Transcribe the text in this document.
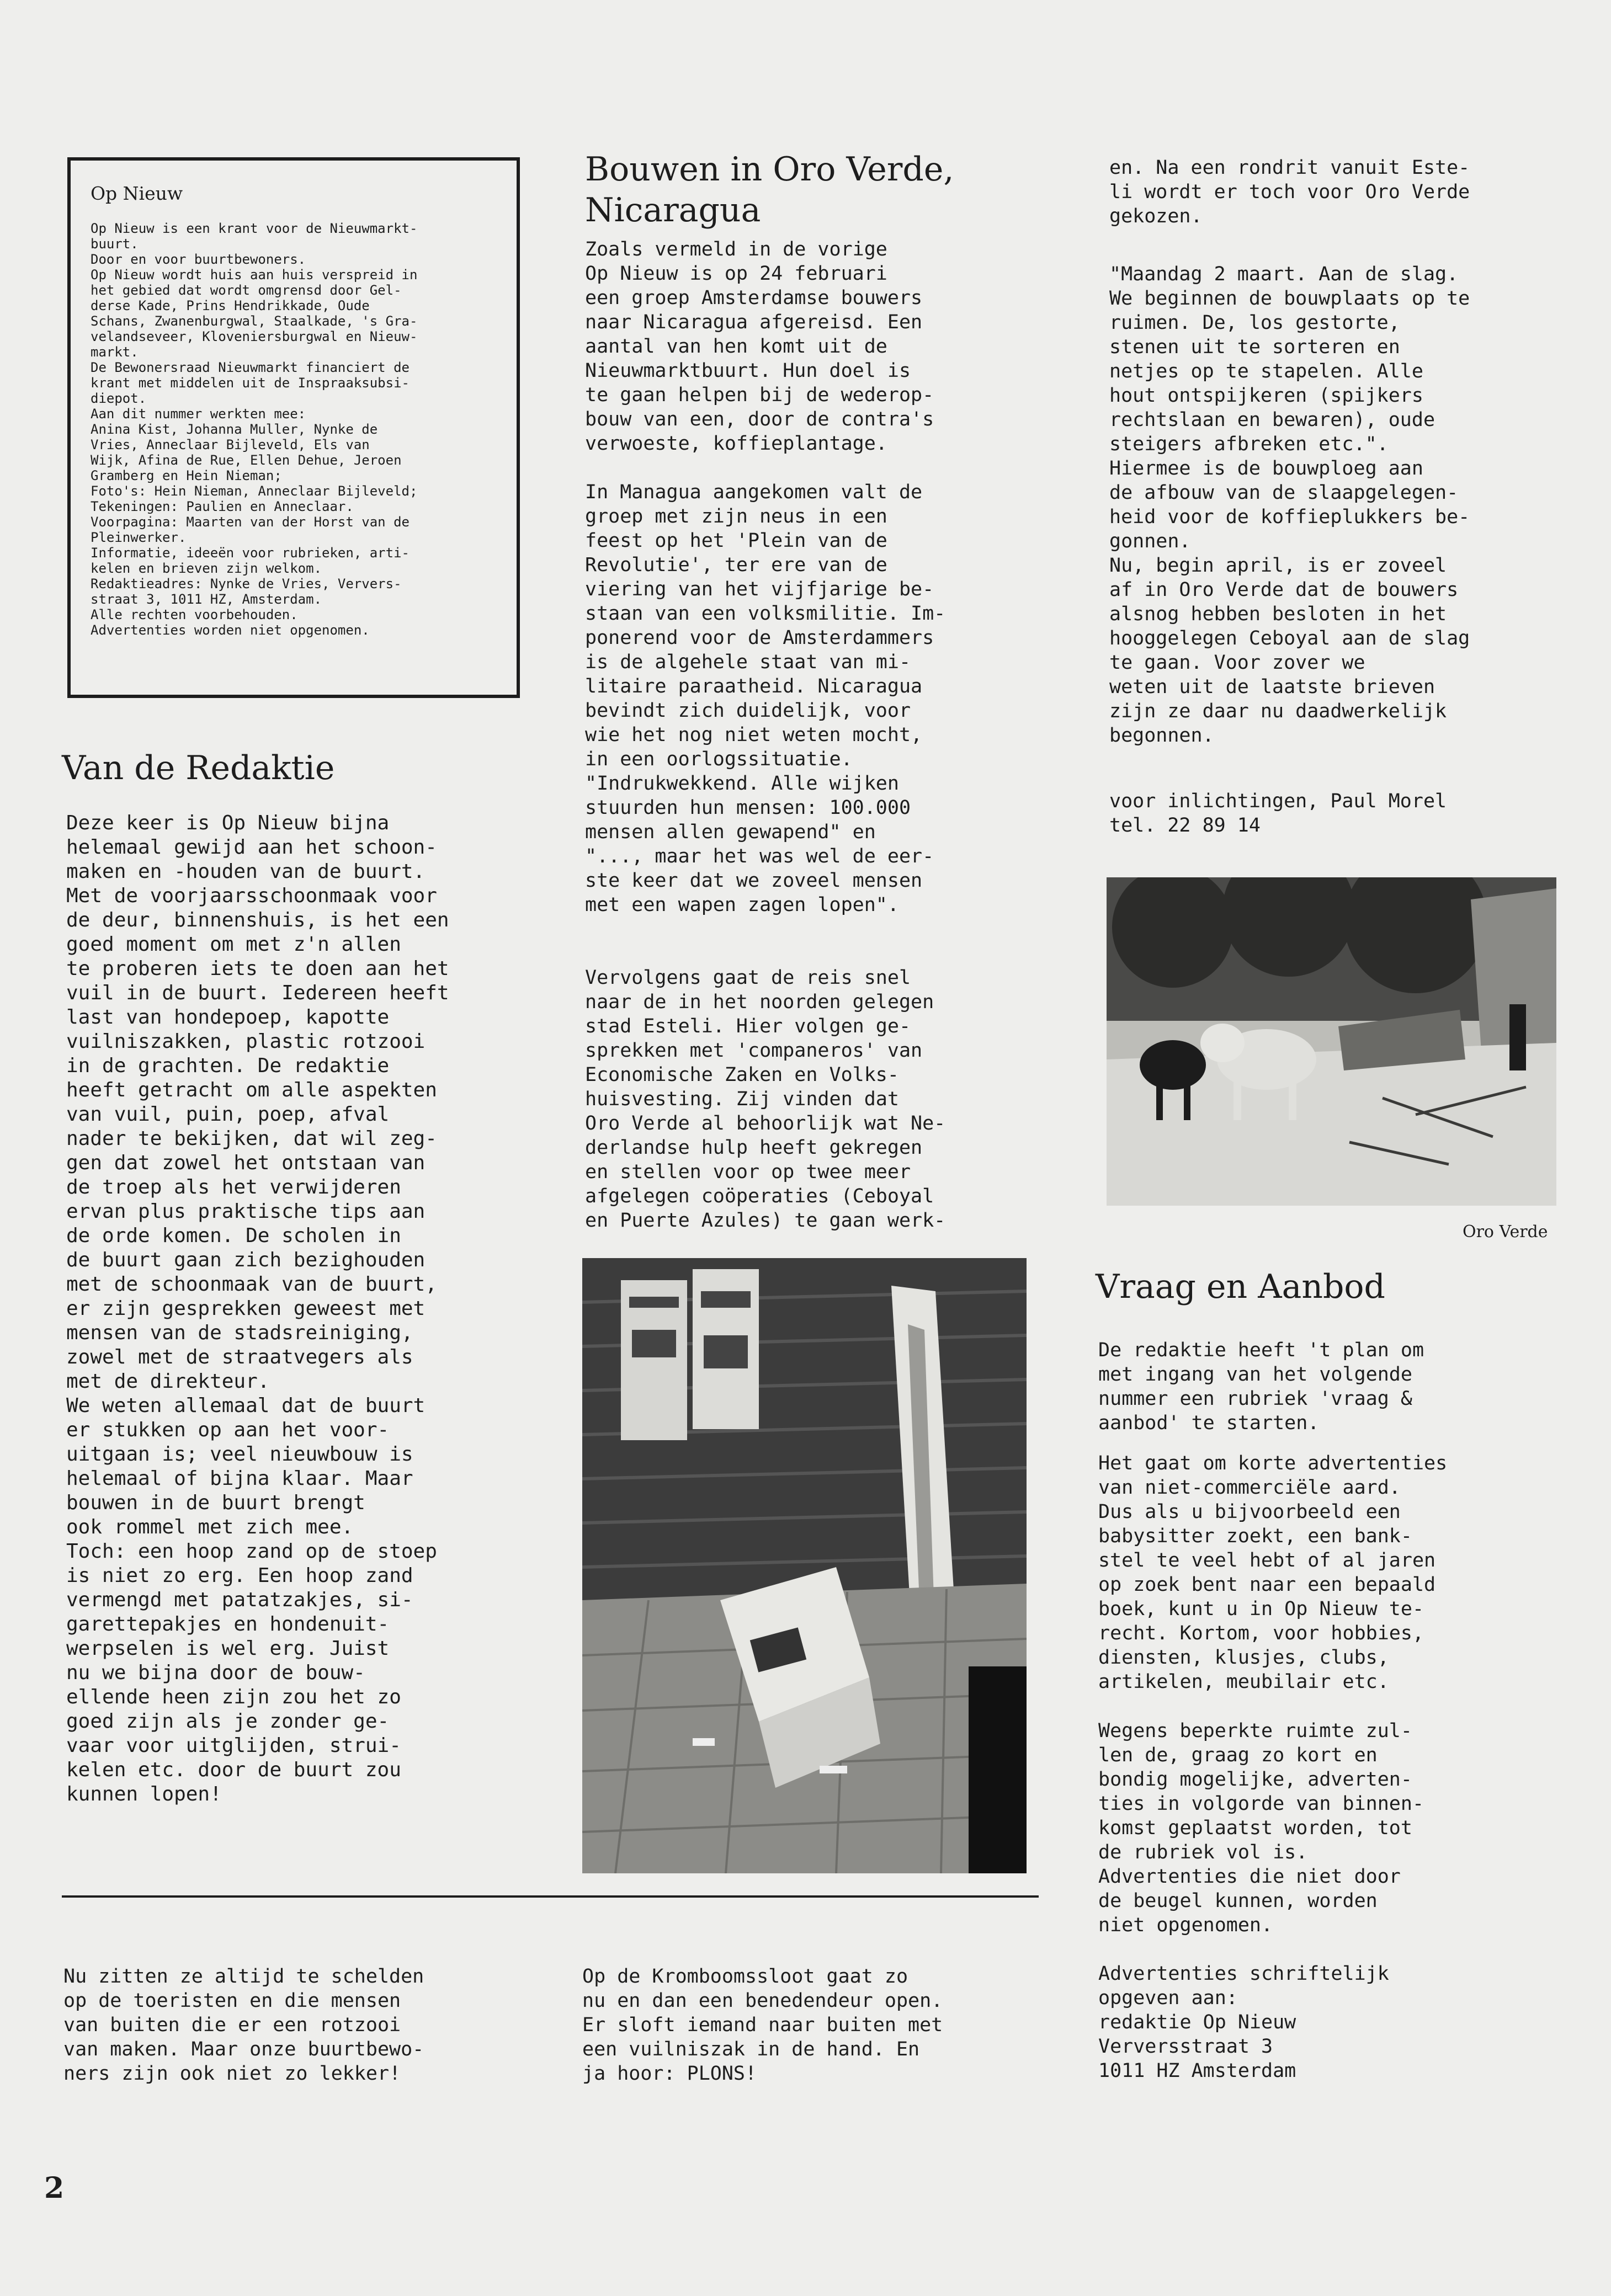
Op Nieuw
Op Nieuw is een krant voor de Nieuwmarkt-
buurt.
Door en voor buurtbewoners.
Op Nieuw wordt huis aan huis verspreid in
het gebied dat wordt omgrensd door Gel-
derse Kade, Prins Hendrikkade, Oude
Schans, Zwanenburgwal, Staalkade, 's Gra-
velandseveer, Kloveniersburgwal en Nieuw-
markt.
De Bewonersraad Nieuwmarkt financiert de
krant met middelen uit de Inspraaksubsi-
diepot.
Aan dit nummer werkten mee:
Anina Kist, Johanna Muller, Nynke de
Vries, Anneclaar Bijleveld, Els van
Wijk, Afina de Rue, Ellen Dehue, Jeroen
Gramberg en Hein Nieman;
Foto's: Hein Nieman, Anneclaar Bijleveld;
Tekeningen: Paulien en Anneclaar.
Voorpagina: Maarten van der Horst van de
Pleinwerker.
Informatie, ideeën voor rubrieken, arti-
kelen en brieven zijn welkom.
Redaktieadres: Nynke de Vries, Ververs-
straat 3, 1011 HZ, Amsterdam.
Alle rechten voorbehouden.
Advertenties worden niet opgenomen.
Van de Redaktie
Deze keer is Op Nieuw bijna
helemaal gewijd aan het schoon-
maken en -houden van de buurt.
Met de voorjaarsschoonmaak voor
de deur, binnenshuis, is het een
goed moment om met z'n allen
te proberen iets te doen aan het
vuil in de buurt. Iedereen heeft
last van hondepoep, kapotte
vuilniszakken, plastic rotzooi
in de grachten. De redaktie
heeft getracht om alle aspekten
van vuil, puin, poep, afval
nader te bekijken, dat wil zeg-
gen dat zowel het ontstaan van
de troep als het verwijderen
ervan plus praktische tips aan
de orde komen. De scholen in
de buurt gaan zich bezighouden
met de schoonmaak van de buurt,
er zijn gesprekken geweest met
mensen van de stadsreiniging,
zowel met de straatvegers als
met de direkteur.
We weten allemaal dat de buurt
er stukken op aan het voor-
uitgaan is; veel nieuwbouw is
helemaal of bijna klaar. Maar
bouwen in de buurt brengt
ook rommel met zich mee.
Toch: een hoop zand op de stoep
is niet zo erg. Een hoop zand
vermengd met patatzakjes, si-
garettepakjes en hondenuit-
werpselen is wel erg. Juist
nu we bijna door de bouw-
ellende heen zijn zou het zo
goed zijn als je zonder ge-
vaar voor uitglijden, strui-
kelen etc. door de buurt zou
kunnen lopen!
Bouwen in Oro Verde,
Nicaragua
Zoals vermeld in de vorige
Op Nieuw is op 24 februari
een groep Amsterdamse bouwers
naar Nicaragua afgereisd. Een
aantal van hen komt uit de
Nieuwmarktbuurt. Hun doel is
te gaan helpen bij de wederop-
bouw van een, door de contra's
verwoeste, koffieplantage.
In Managua aangekomen valt de
groep met zijn neus in een
feest op het 'Plein van de
Revolutie', ter ere van de
viering van het vijfjarige be-
staan van een volksmilitie. Im-
ponerend voor de Amsterdammers
is de algehele staat van mi-
litaire paraatheid. Nicaragua
bevindt zich duidelijk, voor
wie het nog niet weten mocht,
in een oorlogssituatie.
"Indrukwekkend. Alle wijken
stuurden hun mensen: 100.000
mensen allen gewapend" en
"..., maar het was wel de eer-
ste keer dat we zoveel mensen
met een wapen zagen lopen".
Vervolgens gaat de reis snel
naar de in het noorden gelegen
stad Esteli. Hier volgen ge-
sprekken met 'companeros' van
Economische Zaken en Volks-
huisvesting. Zij vinden dat
Oro Verde al behoorlijk wat Ne-
derlandse hulp heeft gekregen
en stellen voor op twee meer
afgelegen coöperaties (Ceboyal
en Puerte Azules) te gaan werk-
en. Na een rondrit vanuit Este-
li wordt er toch voor Oro Verde
gekozen.
"Maandag 2 maart. Aan de slag.
We beginnen de bouwplaats op te
ruimen. De, los gestorte,
stenen uit te sorteren en
netjes op te stapelen. Alle
hout ontspijkeren (spijkers
rechtslaan en bewaren), oude
steigers afbreken etc.".
Hiermee is de bouwploeg aan
de afbouw van de slaapgelegen-
heid voor de koffieplukkers be-
gonnen.
Nu, begin april, is er zoveel
af in Oro Verde dat de bouwers
alsnog hebben besloten in het
hooggelegen Ceboyal aan de slag
te gaan. Voor zover we
weten uit de laatste brieven
zijn ze daar nu daadwerkelijk
begonnen.
voor inlichtingen, Paul Morel
tel. 22 89 14
Oro Verde
Vraag en Aanbod
De redaktie heeft 't plan om
met ingang van het volgende
nummer een rubriek 'vraag &
aanbod' te starten.
Het gaat om korte advertenties
van niet-commerciële aard.
Dus als u bijvoorbeeld een
babysitter zoekt, een bank-
stel te veel hebt of al jaren
op zoek bent naar een bepaald
boek, kunt u in Op Nieuw te-
recht. Kortom, voor hobbies,
diensten, klusjes, clubs,
artikelen, meubilair etc.
Wegens beperkte ruimte zul-
len de, graag zo kort en
bondig mogelijke, adverten-
ties in volgorde van binnen-
komst geplaatst worden, tot
de rubriek vol is.
Advertenties die niet door
de beugel kunnen, worden
niet opgenomen.
Advertenties schriftelijk
opgeven aan:
redaktie Op Nieuw
Verversstraat 3
1011 HZ Amsterdam
Nu zitten ze altijd te schelden
op de toeristen en die mensen
van buiten die er een rotzooi
van maken. Maar onze buurtbewo-
ners zijn ook niet zo lekker!
Op de Kromboomssloot gaat zo
nu en dan een benedendeur open.
Er sloft iemand naar buiten met
een vuilniszak in de hand. En
ja hoor: PLONS!
2
